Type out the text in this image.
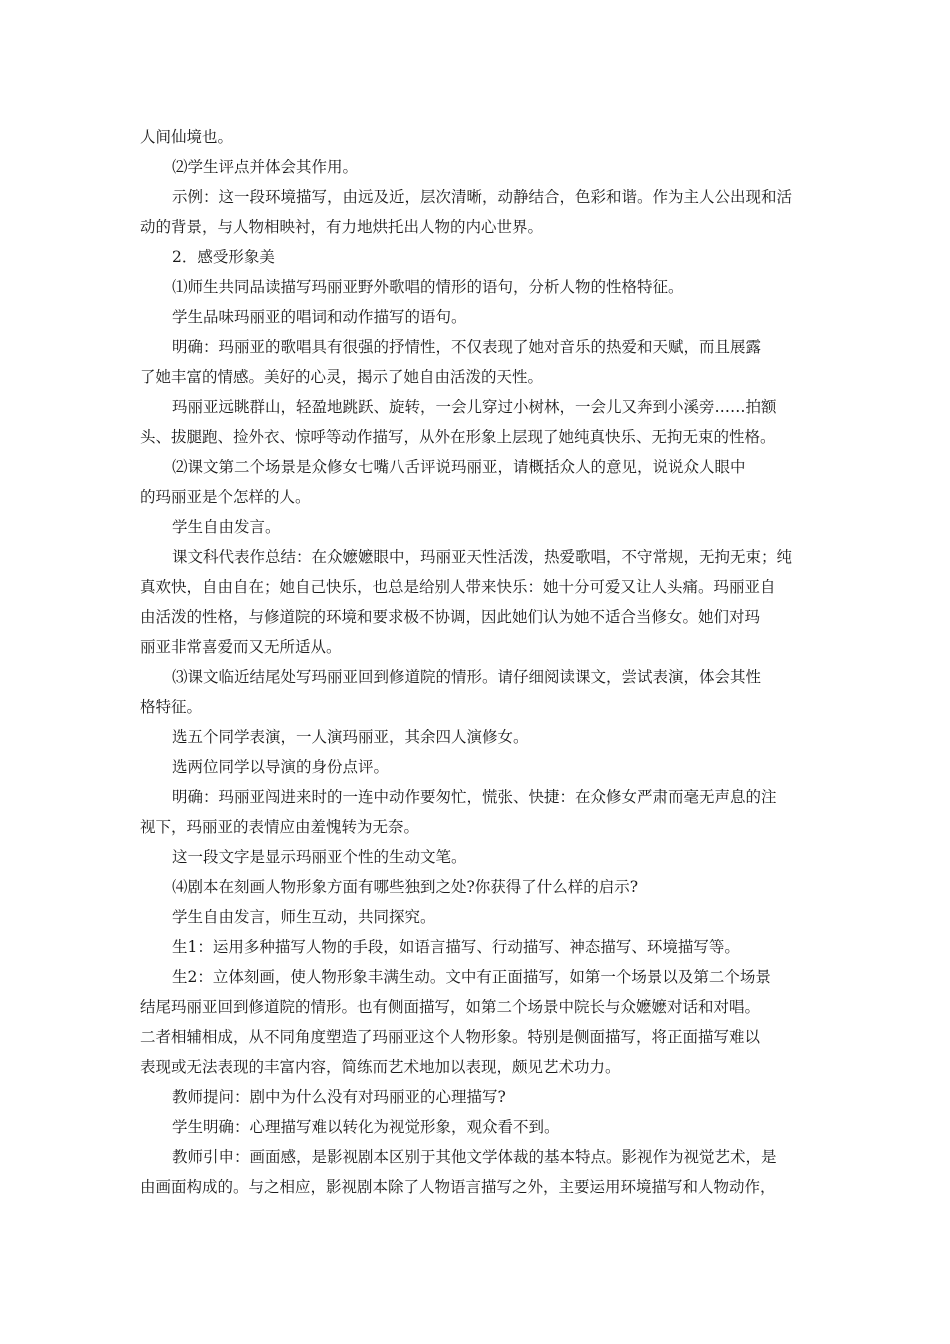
人间仙境也。
⑵学生评点并体会其作用。
示例：这一段环境描写，由远及近，层次清晰，动静结合，色彩和谐。作为主人公出现和活
动的背景，与人物相映衬，有力地烘托出人物的内心世界。
2．感受形象美
⑴师生共同品读描写玛丽亚野外歌唱的情形的语句，分析人物的性格特征。
学生品味玛丽亚的唱词和动作描写的语句。
明确：玛丽亚的歌唱具有很强的抒情性，不仅表现了她对音乐的热爱和天赋，而且展露
了她丰富的情感。美好的心灵，揭示了她自由活泼的天性。
玛丽亚远眺群山，轻盈地跳跃、旋转，一会儿穿过小树林，一会儿又奔到小溪旁……拍额
头、拔腿跑、捡外衣、惊呼等动作描写，从外在形象上层现了她纯真快乐、无拘无束的性格。
⑵课文第二个场景是众修女七嘴八舌评说玛丽亚，请概括众人的意见，说说众人眼中
的玛丽亚是个怎样的人。
学生自由发言。
课文科代表作总结：在众嬷嬷眼中，玛丽亚天性活泼，热爱歌唱，不守常规，无拘无束；纯
真欢快，自由自在；她自己快乐，也总是给别人带来快乐：她十分可爱又让人头痛。玛丽亚自
由活泼的性格，与修道院的环境和要求极不协调，因此她们认为她不适合当修女。她们对玛
丽亚非常喜爱而又无所适从。
⑶课文临近结尾处写玛丽亚回到修道院的情形。请仔细阅读课文，尝试表演，体会其性
格特征。
选五个同学表演，一人演玛丽亚，其余四人演修女。
选两位同学以导演的身份点评。
明确：玛丽亚闯进来时的一连中动作要匆忙，慌张、快捷：在众修女严肃而毫无声息的注
视下，玛丽亚的表情应由羞愧转为无奈。
这一段文字是显示玛丽亚个性的生动文笔。
⑷剧本在刻画人物形象方面有哪些独到之处?你获得了什么样的启示?
学生自由发言，师生互动，共同探究。
生1：运用多种描写人物的手段，如语言描写、行动描写、神态描写、环境描写等。
生2：立体刻画，使人物形象丰满生动。文中有正面描写，如第一个场景以及第二个场景
结尾玛丽亚回到修道院的情形。也有侧面描写，如第二个场景中院长与众嬷嬷对话和对唱。
二者相辅相成，从不同角度塑造了玛丽亚这个人物形象。特别是侧面描写，将正面描写难以
表现或无法表现的丰富内容，简练而艺术地加以表现，颇见艺术功力。
教师提问：剧中为什么没有对玛丽亚的心理描写?
学生明确：心理描写难以转化为视觉形象，观众看不到。
教师引申：画面感，是影视剧本区别于其他文学体裁的基本特点。影视作为视觉艺术，是
由画面构成的。与之相应，影视剧本除了人物语言描写之外，主要运用环境描写和人物动作，
